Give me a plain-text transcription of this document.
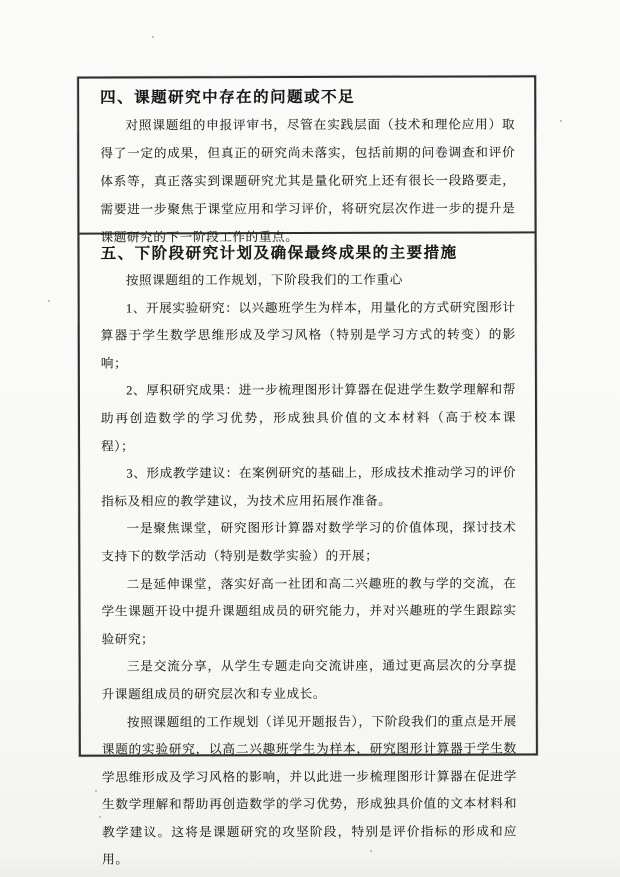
四、课题研究中存在的问题或不足

对照课题组的申报评审书，尽管在实践层面（技术和理伦应用）取得了一定的成果，但真正的研究尚未落实，包括前期的问卷调查和评价体系等，真正落实到课题研究尤其是量化研究上还有很长一段路要走，需要进一步聚焦于课堂应用和学习评价，将研究层次作进一步的提升是课题研究的下一阶段工作的重点。

五、下阶段研究计划及确保最终成果的主要措施

按照课题组的工作规划，下阶段我们的工作重心

1、开展实验研究：以兴趣班学生为样本，用量化的方式研究图形计算器于学生数学思维形成及学习风格（特别是学习方式的转变）的影响；

2、厚积研究成果：进一步梳理图形计算器在促进学生数学理解和帮助再创造数学的学习优势，形成独具价值的文本材料（高于校本课程）；

3、形成教学建议：在案例研究的基础上，形成技术推动学习的评价指标及相应的教学建议，为技术应用拓展作准备。

一是聚焦课堂，研究图形计算器对数学学习的价值体现，探讨技术支持下的数学活动（特别是数学实验）的开展；

二是延伸课堂，落实好高一社团和高二兴趣班的教与学的交流，在学生课题开设中提升课题组成员的研究能力，并对兴趣班的学生跟踪实验研究；

三是交流分享，从学生专题走向交流讲座，通过更高层次的分享提升课题组成员的研究层次和专业成长。

按照课题组的工作规划（详见开题报告），下阶段我们的重点是开展课题的实验研究，以高二兴趣班学生为样本，研究图形计算器于学生数学思维形成及学习风格的影响，并以此进一步梳理图形计算器在促进学生数学理解和帮助再创造数学的学习优势，形成独具价值的文本材料和教学建议。这将是课题研究的攻坚阶段，特别是评价指标的形成和应用。
